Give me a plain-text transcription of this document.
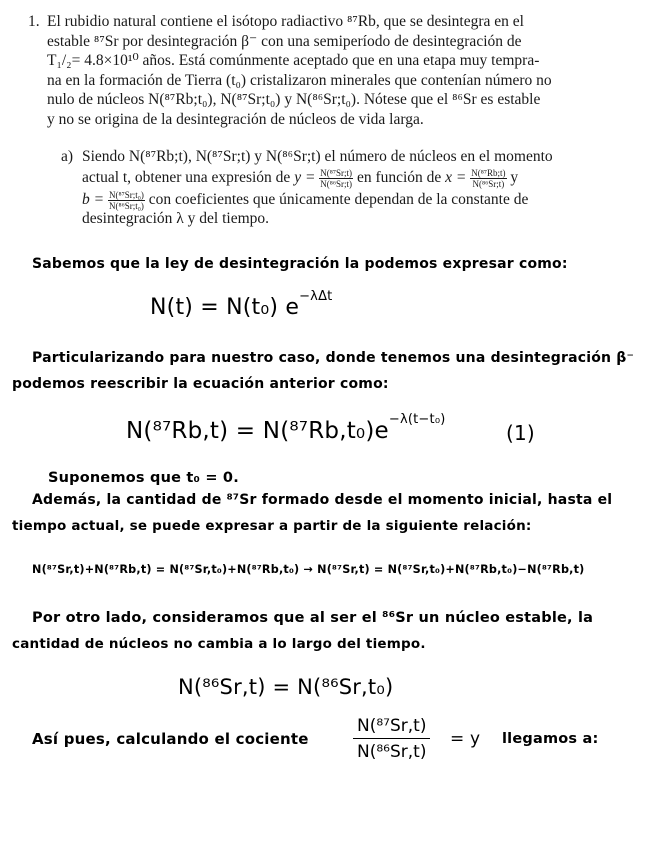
1. El rubidio natural contiene el isótopo radiactivo ⁸⁷Rb, que se desintegra en el
estable ⁸⁷Sr por desintegración β⁻ con una semiperíodo de desintegración de
T₁/₂= 4.8×10¹⁰ años. Está comúnmente aceptado que en una etapa muy tempra-
na en la formación de Tierra (t₀) cristalizaron minerales que contenían número no
nulo de núcleos N(⁸⁷Rb;t₀), N(⁸⁷Sr;t₀) y N(⁸⁶Sr;t₀). Nótese que el ⁸⁶Sr es estable
y no se origina de la desintegración de núcleos de vida larga.
a) Siendo N(⁸⁷Rb;t), N(⁸⁷Sr;t) y N(⁸⁶Sr;t) el número de núcleos en el momento
actual t, obtener una expresión de $y = \frac{\text{N(⁸⁷Sr;t)}}{\text{N(⁸⁶Sr;t)}}$ en función de $x = \frac{\text{N(⁸⁷Rb;t)}}{\text{N(⁸⁶Sr;t)}}$ y
$b = \frac{\text{N(⁸⁷Sr;t₀)}}{\text{N(⁸⁶Sr;t₀)}}$ con coeficientes que únicamente dependan de la constante de
desintegración λ y del tiempo.
Sabemos que la ley de desintegración la podemos expresar como:
N(t) = N(t₀) $e^{-\lambda\Delta t}$
Particularizando para nuestro caso, donde tenemos una desintegración β⁻
podemos reescribir la ecuación anterior como:
$N(^{87}Rb,t) = N(^{87}Rb,t_0)e^{-\lambda(t-t_0)}$
(1)
Suponemos que t₀ = 0.
Además, la cantidad de ⁸⁷Sr formado desde el momento inicial, hasta el
tiempo actual, se puede expresar a partir de la siguiente relación:
N(⁸⁷Sr,t)+N(⁸⁷Rb,t) = N(⁸⁷Sr,t₀)+N(⁸⁷Rb,t₀) → N(⁸⁷Sr,t) = N(⁸⁷Sr,t₀)+N(⁸⁷Rb,t₀)−N(⁸⁷Rb,t)
Por otro lado, consideramos que al ser el ⁸⁶Sr un núcleo estable, la
cantidad de núcleos no cambia a lo largo del tiempo.
N(⁸⁶Sr,t) = N(⁸⁶Sr,t₀)
Así pues, calculando el cociente	$\frac{\text{N(⁸⁷Sr,t)}}{\text{N(⁸⁶Sr,t)}} = y$ llegamos a:
